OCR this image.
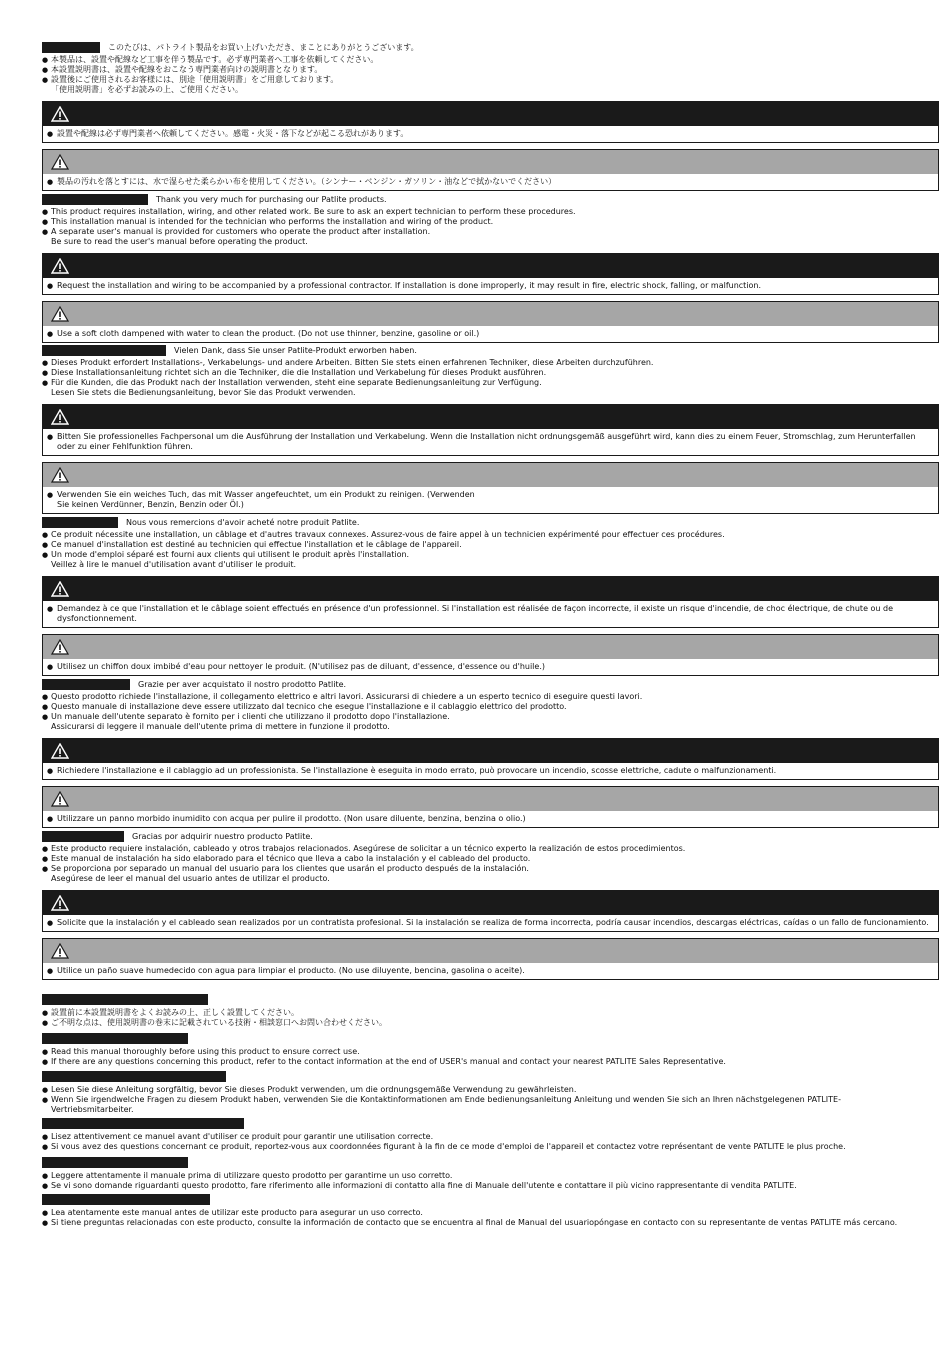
このたびは、パトライト製品をお買い上げいただき、まことにありがとうございます。
● 本製品は、設置や配線など工事を伴う製品です。必ず専門業者へ工事を依頼してください。
● 本設置説明書は、設置や配線をおこなう専門業者向けの説明書となります。
● 設置後にご使用されるお客様には、別途「使用説明書」をご用意しております。
「使用説明書」を必ずお読みの上、ご使用ください。
● 設置や配線は必ず専門業者へ依頼してください。感電・火災・落下などが起こる恐れがあります。
● 製品の汚れを落とすには、水で湿らせた柔らかい布を使用してください。（シンナー・ベンジン・ガソリン・油などで拭かないでください）
Thank you very much for purchasing our Patlite products.
● This product requires installation, wiring, and other related work. Be sure to ask an expert technician to perform these procedures.
● This installation manual is intended for the technician who performs the installation and wiring of the product.
● A separate user's manual is provided for customers who operate the product after installation.
Be sure to read the user's manual before operating the product.
● Request the installation and wiring to be accompanied by a professional contractor. If installation is done improperly, it may result in fire, electric shock, falling, or malfunction.
● Use a soft cloth dampened with water to clean the product. (Do not use thinner, benzine, gasoline or oil.)
Vielen Dank, dass Sie unser Patlite-Produkt erworben haben.
● Dieses Produkt erfordert Installations-, Verkabelungs- und andere Arbeiten. Bitten Sie stets einen erfahrenen Techniker, diese Arbeiten durchzuführen.
● Diese Installationsanleitung richtet sich an die Techniker, die die Installation und Verkabelung für dieses Produkt ausführen.
● Für die Kunden, die das Produkt nach der Installation verwenden, steht eine separate Bedienungsanleitung zur Verfügung.
Lesen Sie stets die Bedienungsanleitung, bevor Sie das Produkt verwenden.
● Bitten Sie professionelles Fachpersonal um die Ausführung der Installation und Verkabelung. Wenn die Installation nicht ordnungsgemäß ausgeführt wird, kann dies zu einem Feuer, Stromschlag, zum Herunterfallen oder zu einer Fehlfunktion führen.
● Verwenden Sie ein weiches Tuch, das mit Wasser angefeuchtet, um ein Produkt zu reinigen. (Verwenden Sie keinen Verdünner, Benzin, Benzin oder Öl.)
Nous vous remercions d'avoir acheté notre produit Patlite.
● Ce produit nécessite une installation, un câblage et d'autres travaux connexes. Assurez-vous de faire appel à un technicien expérimenté pour effectuer ces procédures.
● Ce manuel d'installation est destiné au technicien qui effectue l'installation et le câblage de l'appareil.
● Un mode d'emploi séparé est fourni aux clients qui utilisent le produit après l'installation.
Veillez à lire le manuel d'utilisation avant d'utiliser le produit.
● Demandez à ce que l'installation et le câblage soient effectués en présence d'un professionnel. Si l'installation est réalisée de façon incorrecte, il existe un risque d'incendie, de choc électrique, de chute ou de dysfonctionnement.
● Utilisez un chiffon doux imbibé d'eau pour nettoyer le produit. (N'utilisez pas de diluant, d'essence, d'essence ou d'huile.)
Grazie per aver acquistato il nostro prodotto Patlite.
● Questo prodotto richiede l'installazione, il collegamento elettrico e altri lavori. Assicurarsi di chiedere a un esperto tecnico di eseguire questi lavori.
● Questo manuale di installazione deve essere utilizzato dal tecnico che esegue l'installazione e il cablaggio elettrico del prodotto.
● Un manuale dell'utente separato è fornito per i clienti che utilizzano il prodotto dopo l'installazione.
Assicurarsi di leggere il manuale dell'utente prima di mettere in funzione il prodotto.
● Richiedere l'installazione e il cablaggio ad un professionista. Se l'installazione è eseguita in modo errato, può provocare un incendio, scosse elettriche, cadute o malfunzionamenti.
● Utilizzare un panno morbido inumidito con acqua per pulire il prodotto. (Non usare diluente, benzina, benzina o olio.)
Gracias por adquirir nuestro producto Patlite.
● Este producto requiere instalación, cableado y otros trabajos relacionados. Asegúrese de solicitar a un técnico experto la realización de estos procedimientos.
● Este manual de instalación ha sido elaborado para el técnico que lleva a cabo la instalación y el cableado del producto.
● Se proporciona por separado un manual del usuario para los clientes que usarán el producto después de la instalación.
Asegúrese de leer el manual del usuario antes de utilizar el producto.
● Solicite que la instalación y el cableado sean realizados por un contratista profesional. Si la instalación se realiza de forma incorrecta, podría causar incendios, descargas eléctricas, caídas o un fallo de funcionamiento.
● Utilice un paño suave humedecido con agua para limpiar el producto. (No use diluyente, bencina, gasolina o aceite).
● 設置前に本設置説明書をよくお読みの上、正しく設置してください。
● ご不明な点は、使用説明書の巻末に記載されている技術・相談窓口へお問い合わせください。
● Read this manual thoroughly before using this product to ensure correct use.
● If there are any questions concerning this product, refer to the contact information at the end of USER's manual and contact your nearest PATLITE Sales Representative.
● Lesen Sie diese Anleitung sorgfältig, bevor Sie dieses Produkt verwenden, um die ordnungsgemäße Verwendung zu gewährleisten.
● Wenn Sie irgendwelche Fragen zu diesem Produkt haben, verwenden Sie die Kontaktinformationen am Ende bedienungsanleitung Anleitung und wenden Sie sich an Ihren nächstgelegenen PATLITE-Vertriebsmitarbeiter.
● Lisez attentivement ce manuel avant d'utiliser ce produit pour garantir une utilisation correcte.
● Si vous avez des questions concernant ce produit, reportez-vous aux coordonnées figurant à la fin de ce mode d'emploi de l'appareil et contactez votre représentant de vente PATLITE le plus proche.
● Leggere attentamente il manuale prima di utilizzare questo prodotto per garantirne un uso corretto.
● Se vi sono domande riguardanti questo prodotto, fare riferimento alle informazioni di contatto alla fine di Manuale dell'utente e contattare il più vicino rappresentante di vendita PATLITE.
● Lea atentamente este manual antes de utilizar este producto para asegurar un uso correcto.
● Si tiene preguntas relacionadas con este producto, consulte la información de contacto que se encuentra al final de Manual del usuariopóngase en contacto con su representante de ventas PATLITE más cercano.
